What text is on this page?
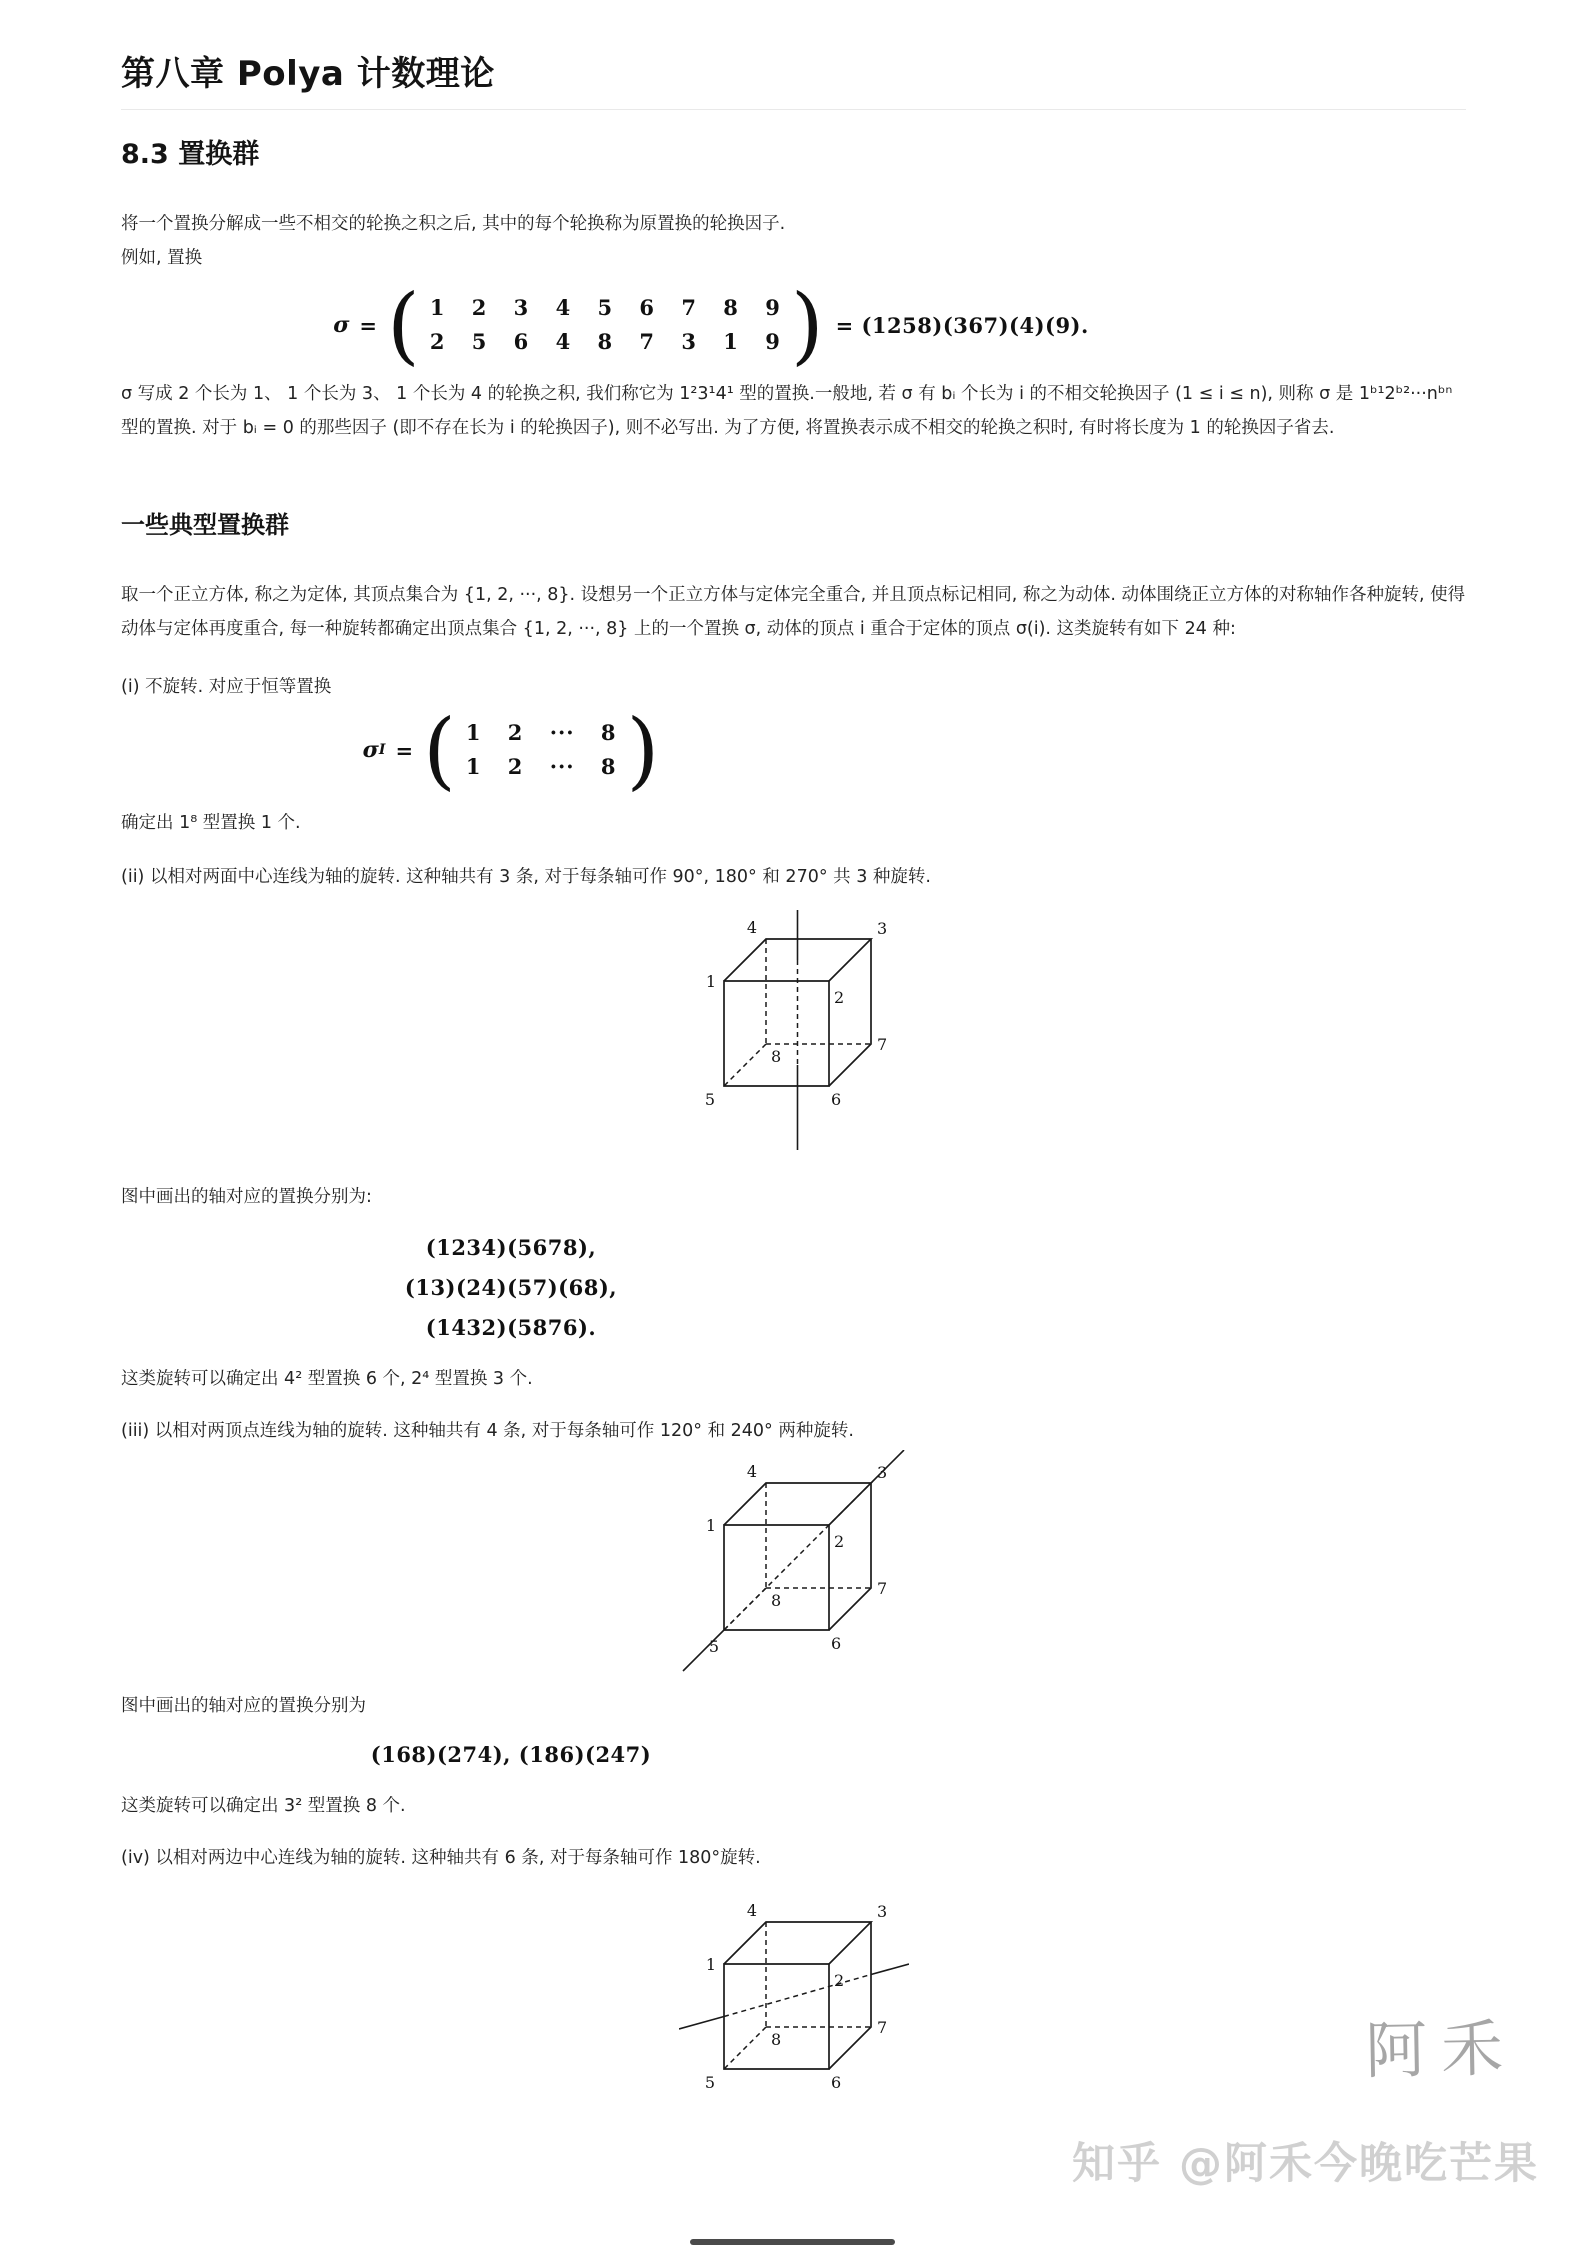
第八章 Polya 计数理论
8.3 置换群

将一个置换分解成一些不相交的轮换之积之后, 其中的每个轮换称为原置换的轮换因子.
例如, 置换

σ = ( 1 2 3 4 5 6 7 8 9
2 5 6 4 8 7 3 1 9 ) = (1258)(367)(4)(9).

σ 写成 2 个长为 1、 1 个长为 3、 1 个长为 4 的轮换之积, 我们称它为 1²3¹4¹ 型的置换.一般地, 若 σ 有 bᵢ 个长为 i 的不相交轮换因子 (1 ≤ i ≤ n), 则称 σ 是 1ᵇ¹2ᵇ²···nᵇⁿ型的置换. 对于 bᵢ = 0 的那些因子 (即不存在长为 i 的轮换因子), 则不必写出. 为了方便, 将置换表示成不相交的轮换之积时, 有时将长度为 1 的轮换因子省去.

一些典型置换群

取一个正立方体, 称之为定体, 其顶点集合为 {1, 2, ···, 8}. 设想另一个正立方体与定体完全重合, 并且顶点标记相同, 称之为动体. 动体围绕正立方体的对称轴作各种旋转, 使得动体与定体再度重合, 每一种旋转都确定出顶点集合 {1, 2, ···, 8} 上的一个置换 σ, 动体的顶点 i 重合于定体的顶点 σ(i). 这类旋转有如下 24 种:

(i) 不旋转. 对应于恒等置换

σ I = ( 1 2 ··· 8
1 2 ··· 8 )

确定出 1⁸ 型置换 1 个.

(ii) 以相对两面中心连线为轴的旋转. 这种轴共有 3 条, 对于每条轴可作 90°, 180° 和 270° 共 3 种旋转.

4	3
1
2
8
7
5	6

图中画出的轴对应的置换分别为:

(1234)(5678),
(13)(24)(57)(68),
(1432)(5876).

这类旋转可以确定出 4² 型置换 6 个, 2⁴ 型置换 3 个.

(iii) 以相对两顶点连线为轴的旋转. 这种轴共有 4 条, 对于每条轴可作 120° 和 240° 两种旋转.

4	3
1
2
8
7
5	6

图中画出的轴对应的置换分别为

(168)(274), (186)(247)

这类旋转可以确定出 3² 型置换 8 个.

(iv) 以相对两边中心连线为轴的旋转. 这种轴共有 6 条, 对于每条轴可作 180°旋转.

4	3
1
2
8
7
5	6	阿禾
知乎 @阿禾今晚吃芒果
